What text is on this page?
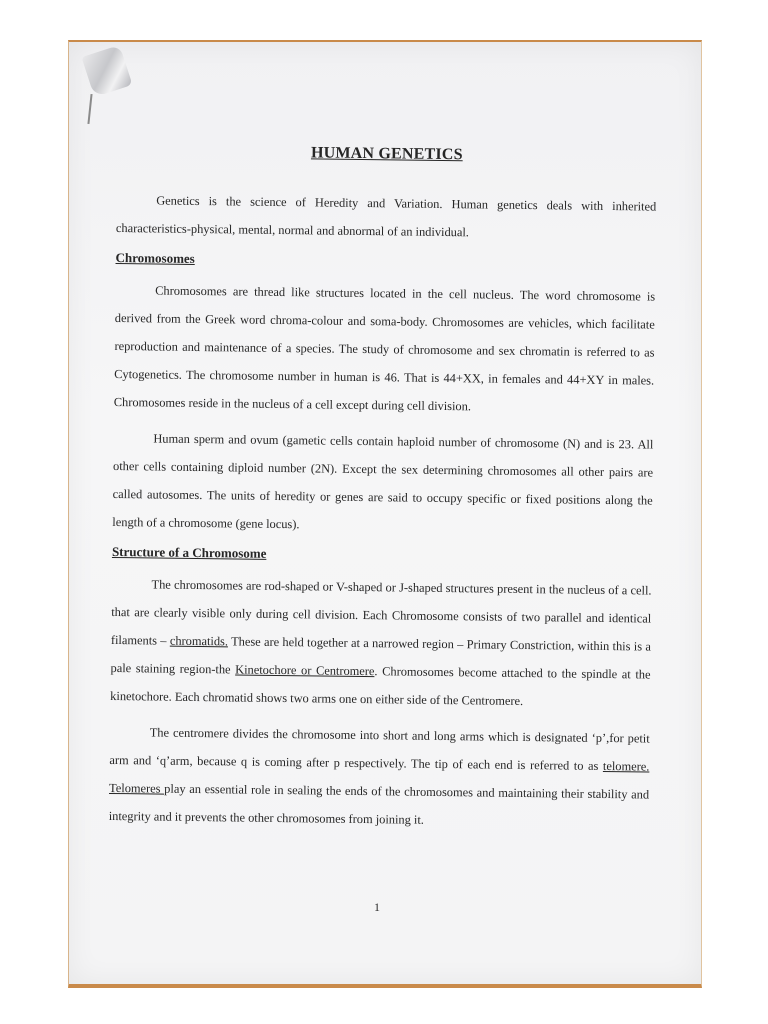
HUMAN GENETICS

Genetics is the science of Heredity and Variation. Human genetics deals with inherited characteristics-physical, mental, normal and abnormal of an individual.

Chromosomes

Chromosomes are thread like structures located in the cell nucleus. The word chromosome is derived from the Greek word chroma-colour and soma-body. Chromosomes are vehicles, which facilitate reproduction and maintenance of a species. The study of chromosome and sex chromatin is referred to as Cytogenetics. The chromosome number in human is 46. That is 44+XX, in females and 44+XY in males. Chromosomes reside in the nucleus of a cell except during cell division.

Human sperm and ovum (gametic cells contain haploid number of chromosome (N) and is 23. All other cells containing diploid number (2N). Except the sex determining chromosomes all other pairs are called autosomes. The units of heredity or genes are said to occupy specific or fixed positions along the length of a chromosome (gene locus).

Structure of a Chromosome

The chromosomes are rod-shaped or V-shaped or J-shaped structures present in the nucleus of a cell. that are clearly visible only during cell division. Each Chromosome consists of two parallel and identical filaments – chromatids. These are held together at a narrowed region – Primary Constriction, within this is a pale staining region-the Kinetochore or Centromere. Chromosomes become attached to the spindle at the kinetochore. Each chromatid shows two arms one on either side of the Centromere.

The centromere divides the chromosome into short and long arms which is designated ‘p’,for petit arm and ‘q’arm, because q is coming after p respectively. The tip of each end is referred to as telomere. Telomeres play an essential role in sealing the ends of the chromosomes and maintaining their stability and integrity and it prevents the other chromosomes from joining it.

1
